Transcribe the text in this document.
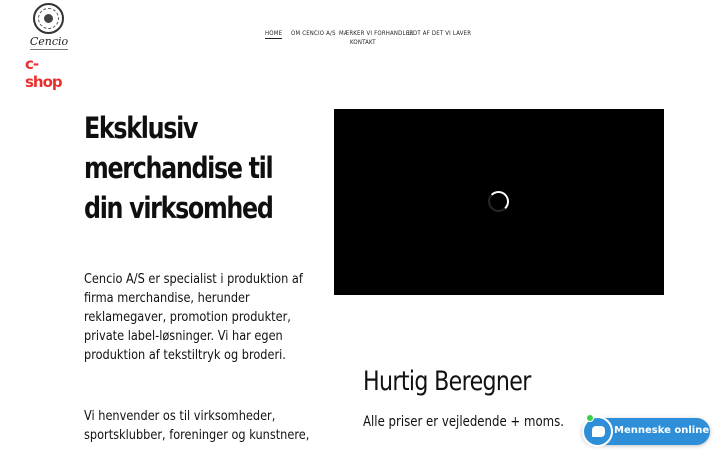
Cencio
c-shop
HOME OM CENCIO A/S MÆRKER VI FORHANDLER
LIDT AF DET VI LAVER
KONTAKT
Eksklusiv
merchandise til
din virksomhed
Cencio A/S er specialist i produktion af
firma merchandise, herunder
reklamegaver, promotion produkter,
private label-løsninger. Vi har egen
produktion af tekstiltryk og broderi.
Vi henvender os til virksomheder,
sportsklubber, foreninger og kunstnere,
Hurtig Beregner

Alle priser er vejledende + moms.

Menneske online
